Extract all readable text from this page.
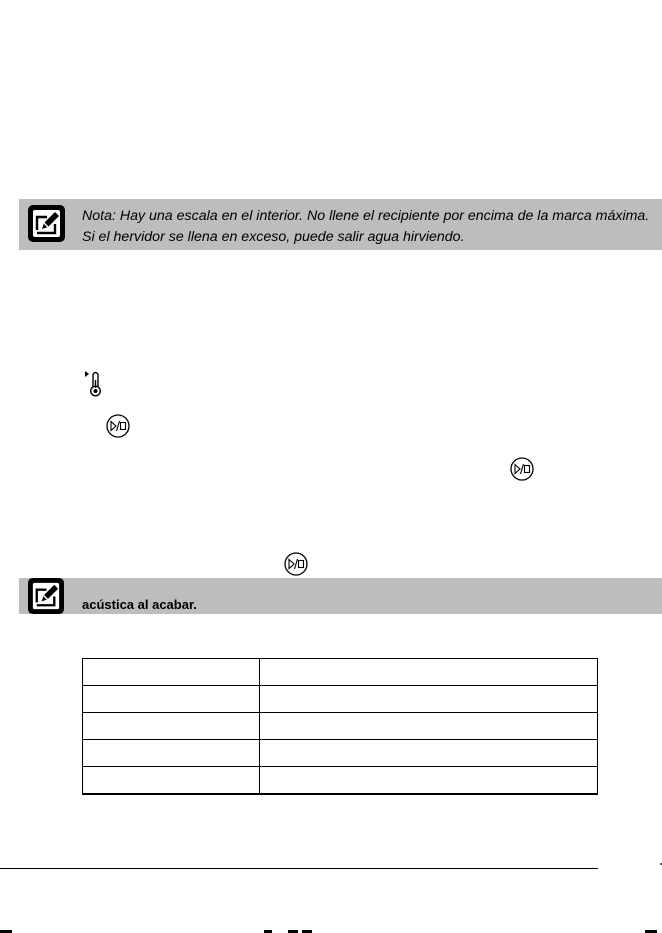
Nota: Hay una escala en el interior. No llene el recipiente por encima de la marca máxima. Si el hervidor se llena en exceso, puede salir agua hirviendo.

acústica al acabar.
